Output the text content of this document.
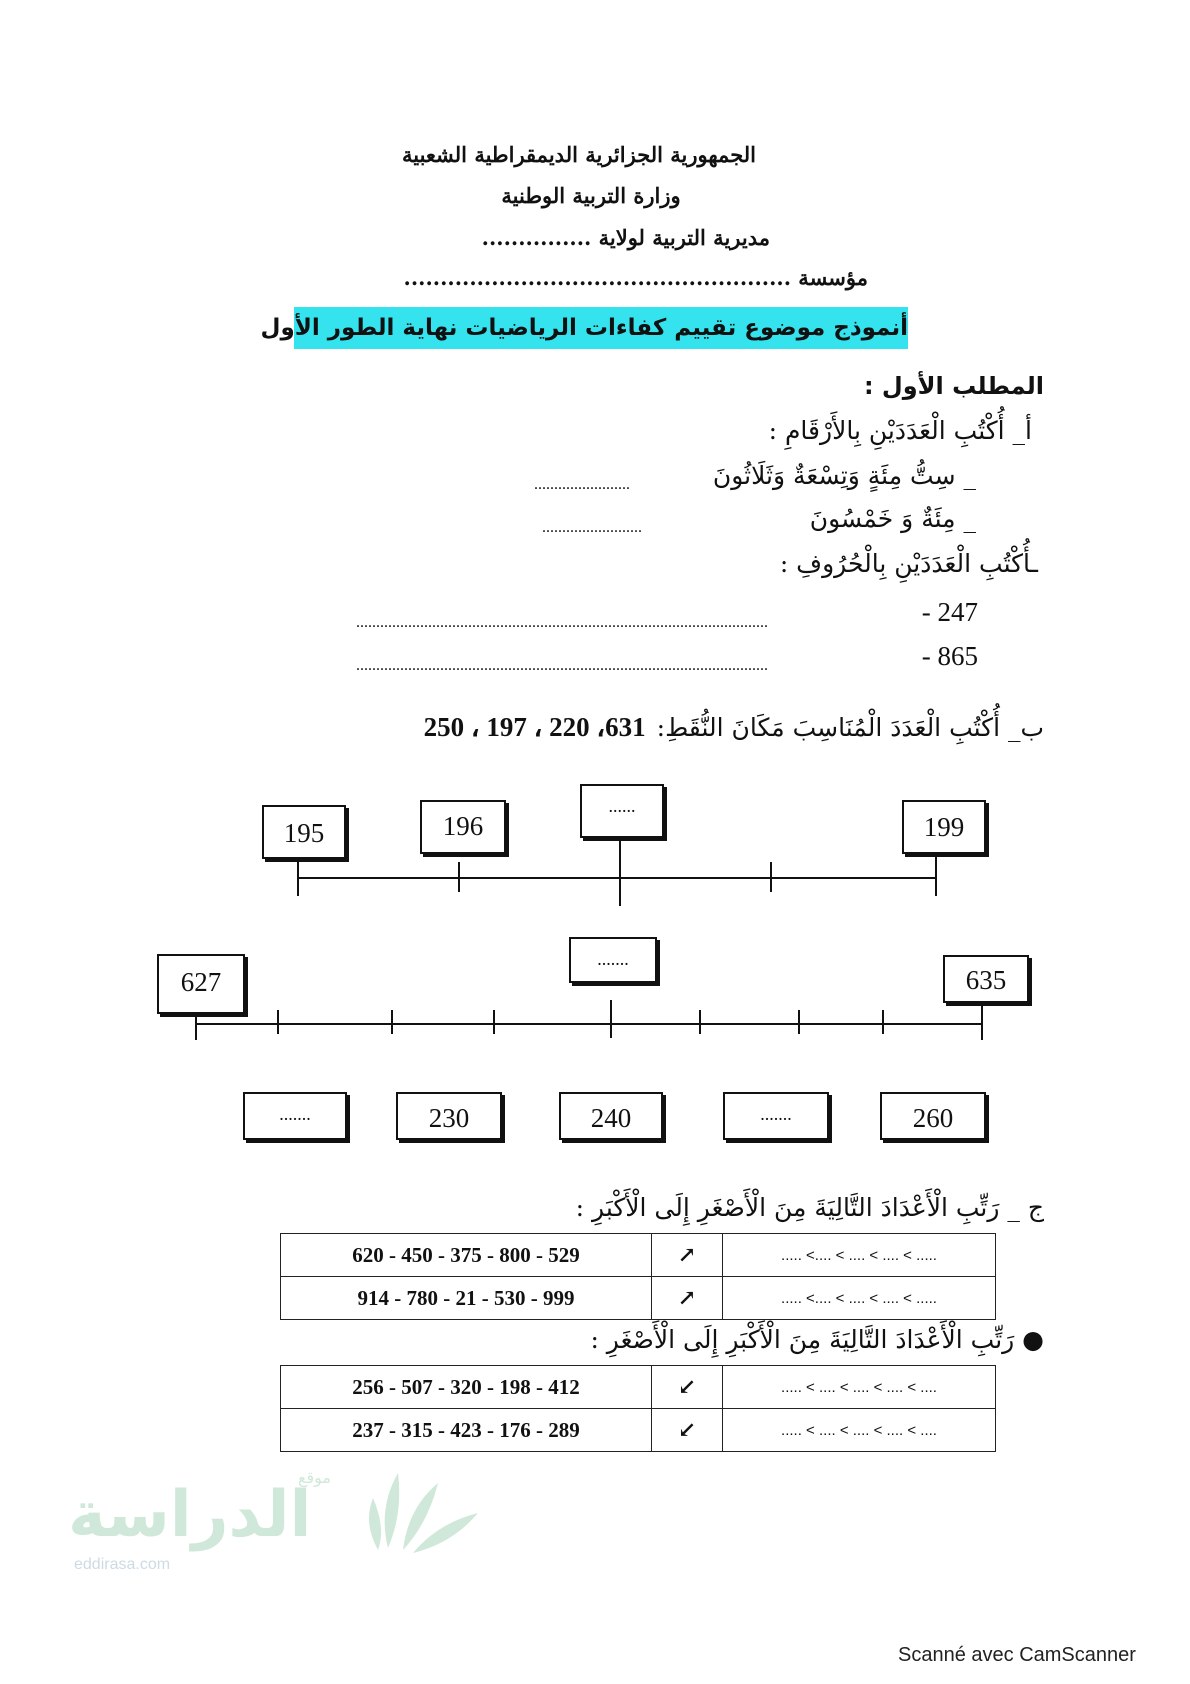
الجمهورية الجزائرية الديمقراطية الشعبية
وزارة التربية الوطنية
مديرية التربية لولاية ...............
مؤسسة .....................................................
أنموذج موضوع تقييم كفاءات الرياضيات نهاية الطور الأول
المطلب الأول :
أ_ أُكْتُبِ الْعَدَدَيْنِ بِالأَرْقَامِ :
_ سِتُّ مِئَةٍ وَتِسْعَةٌ وَثَلَاثُونَ
........................
_ مِئَةٌ وَ خَمْسُونَ
.........................
ـأُكْتُبِ الْعَدَدَيْنِ بِالْحُرُوفِ :
247 -
.......................................................................................................
865 -
.......................................................................................................
ب_ أُكْتُبِ الْعَدَدَ الْمُنَاسِبَ مَكَانَ النُّقَطِ: 631، 220 ، 197 ، 250
195	196
......
199
627
.......
635
.......	230	240	.......	260
ج _ رَتِّبِ الْأَعْدَادَ التَّالِيَةَ مِنَ الْأَصْغَرِ إِلَى الْأَكْبَرِ :
620 - 450 - 375 - 800 - 529	↗	..... <.... < .... < .... < .....
914 - 780 - 21 - 530 - 999	↗	..... <.... < .... < .... < .....
● رَتِّبِ الْأَعْدَادَ التَّالِيَةَ مِنَ الْأَكْبَرِ إِلَى الْأَصْغَرِ :
256 - 507 - 320 - 198 - 412	↙	..... < .... < .... < .... < ....
237 - 315 - 423 - 176 - 289	↙	..... < .... < .... < .... < ....
الدراسة
موقع
eddirasa.com
Scanné avec CamScanner
